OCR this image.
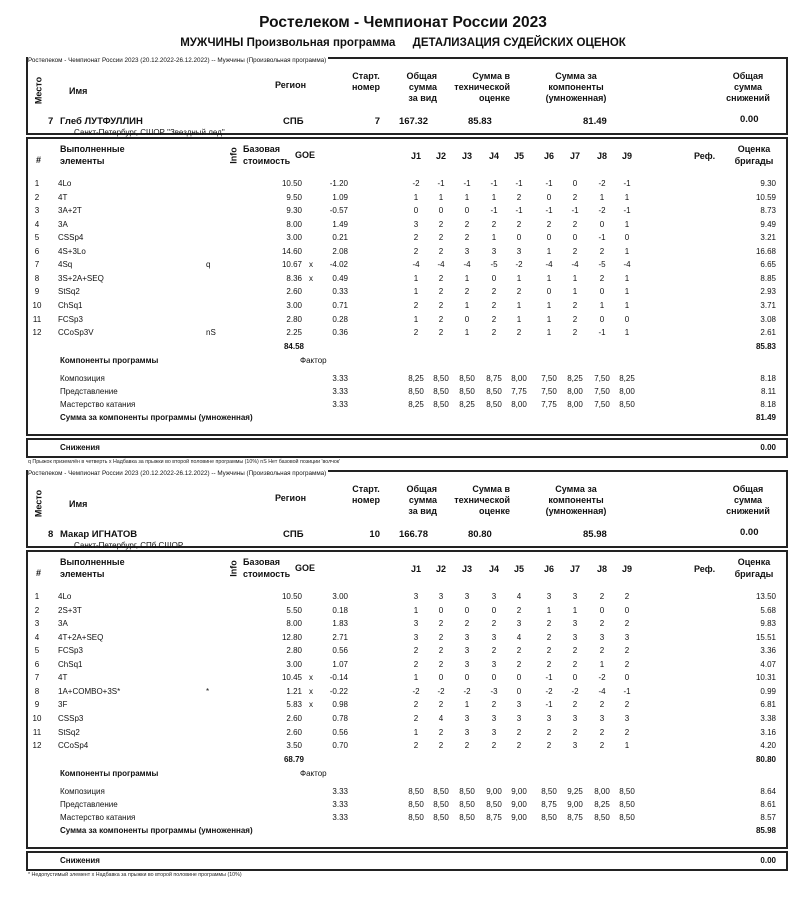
Ростелеком - Чемпионат России 2023
МУЖЧИНЫ Произвольная программа ДЕТАЛИЗАЦИЯ СУДЕЙСКИХ ОЦЕНОК
Ростелеком - Чемпионат России 2023 (20.12.2022-26.12.2022) -- Мужчины (Произвольная программа)
Место	Имя
Регион
Старт.
номер
Общая
сумма
за вид
Сумма в
технической
оценке
Сумма за
компоненты
(умноженная)
Общая
сумма
снижений
7 Глеб ЛУТФУЛЛИН
Санкт-Петербург, СШОР "Звездный лед"
СПБ	7	167.32	85.83	81.49	0.00
#
Выполненные
элементы	Info Базовая
стоимость
GOE	J1	J2	J3	J4	J5	J6	J7	J8	J9	Реф.
Оценка
бригады
1	4Lo	10.50	-1.20	-2	-1	-1	-1	-1	-1	0	-2	-1	9.30
2	4T	9.50	1.09	1	1	1	1	2	0	2	1	1	10.59
3	3A+2T	9.30	-0.57	0	0	0	-1	-1	-1	-1	-2	-1	8.73
4	3A	8.00	1.49	3	2	2	2	2	2	2	0	1	9.49
5	CSSp4	3.00	0.21	2	2	2	1	0	0	0	-1	0	3.21
6	4S+3Lo	14.60	2.08	2	2	3	3	3	1	2	2	1	16.68
7	4Sq	q	10.67 x	-4.02	-4	-4	-4	-5	-2	-4	-4	-5	-4	6.65
8	3S+2A+SEQ	8.36 x	0.49	1	2	1	0	1	1	1	2	1	8.85
9	StSq2	2.60	0.33	1	2	2	2	2	0	1	0	1	2.93
10	ChSq1	3.00	0.71	2	2	1	2	1	1	2	1	1	3.71
11	FCSp3	2.80	0.28	1	2	0	2	1	1	2	0	0	3.08
12	CCoSp3V	nS	2.25	0.36	2	2	1	2	2	1	2	-1	1	2.61
84.58	85.83
Компоненты программы	Фактор
Композиция	3.33	8,25	8,50	8,50	8,75	8,00	7,50	8,25	7,50	8,25	8.18
Представление	3.33	8,50	8,50	8,50	8,50	7,75	7,50	8,00	7,50	8,00	8.11
Мастерство катания	3.33	8,25	8,50	8,25	8,50	8,00	7,75	8,00	7,50	8,50	8.18
Сумма за компоненты программы (умноженная)	81.49
Снижения	0.00
q Прыжок приземлён в четверть x Надбавка за прыжки во второй половине программы (10%) nS Нет базовой позиции 'волчок'
Ростелеком - Чемпионат России 2023 (20.12.2022-26.12.2022) -- Мужчины (Произвольная программа)
Место	Имя
Регион
Старт.
номер
Общая
сумма
за вид
Сумма в
технической
оценке
Сумма за
компоненты
(умноженная)
Общая
сумма
снижений
8 Макар ИГНАТОВ
Санкт-Петербург, СПб СШОР
СПБ	10	166.78	80.80	85.98	0.00
#
Выполненные
элементы	Info Базовая
стоимость
GOE	J1	J2	J3	J4	J5	J6	J7	J8	J9	Реф.
Оценка
бригады
1	4Lo	10.50	3.00	3	3	3	3	4	3	3	2	2	13.50
2	2S+3T	5.50	0.18	1	0	0	0	2	1	1	0	0	5.68
3	3A	8.00	1.83	3	2	2	2	3	2	3	2	2	9.83
4	4T+2A+SEQ	12.80	2.71	3	2	3	3	4	2	3	3	3	15.51
5	FCSp3	2.80	0.56	2	2	3	2	2	2	2	2	2	3.36
6	ChSq1	3.00	1.07	2	2	3	3	2	2	2	1	2	4.07
7	4T	10.45 x	-0.14	1	0	0	0	0	-1	0	-2	0	10.31
8	1A+COMBO+3S*	*	1.21 x	-0.22	-2	-2	-2	-3	0	-2	-2	-4	-1	0.99
9	3F	5.83 x	0.98	2	2	1	2	3	-1	2	2	2	6.81
10	CSSp3	2.60	0.78	2	4	3	3	3	3	3	3	3	3.38
11	StSq2	2.60	0.56	1	2	3	3	2	2	2	2	2	3.16
12	CCoSp4	3.50	0.70	2	2	2	2	2	2	3	2	1	4.20
68.79	80.80
Компоненты программы	Фактор
Композиция	3.33	8,50	8,50	8,50	9,00	9,00	8,50	9,25	8,00	8,50	8.64
Представление	3.33	8,50	8,50	8,50	8,50	9,00	8,75	9,00	8,25	8,50	8.61
Мастерство катания	3.33	8,50	8,50	8,50	8,75	9,00	8,50	8,75	8,50	8,50	8.57
Сумма за компоненты программы (умноженная)	85.98
Снижения	0.00
* Недопустимый элемент x Надбавка за прыжки во второй половине программы (10%)
